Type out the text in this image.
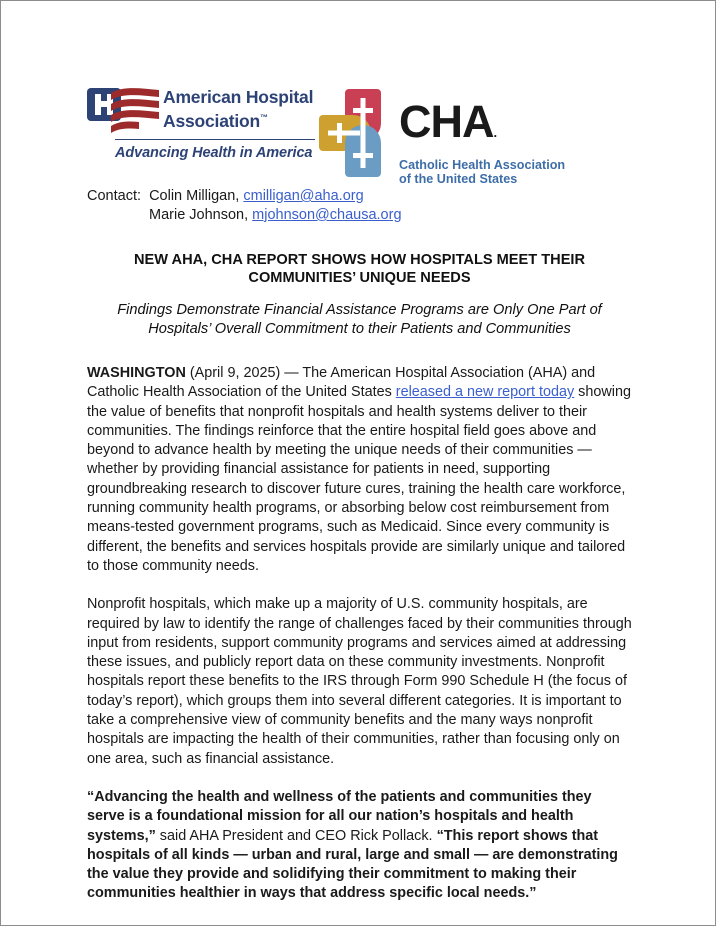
American Hospital
Association™
Advancing Health in America
CHA.
Catholic Health Association
of the United States
Contact: Colin Milligan, cmilligan@aha.org
Marie Johnson, mjohnson@chausa.org
NEW AHA, CHA REPORT SHOWS HOW HOSPITALS MEET THEIR COMMUNITIES’ UNIQUE NEEDS
Findings Demonstrate Financial Assistance Programs are Only One Part of Hospitals’ Overall Commitment to their Patients and Communities

WASHINGTON (April 9, 2025) — The American Hospital Association (AHA) and Catholic Health Association of the United States released a new report today showing the value of benefits that nonprofit hospitals and health systems deliver to their communities. The findings reinforce that the entire hospital field goes above and beyond to advance health by meeting the unique needs of their communities — whether by providing financial assistance for patients in need, supporting groundbreaking research to discover future cures, training the health care workforce, running community health programs, or absorbing below cost reimbursement from means-tested government programs, such as Medicaid. Since every community is different, the benefits and services hospitals provide are similarly unique and tailored to those community needs.

Nonprofit hospitals, which make up a majority of U.S. community hospitals, are required by law to identify the range of challenges faced by their communities through input from residents, support community programs and services aimed at addressing these issues, and publicly report data on these community investments. Nonprofit hospitals report these benefits to the IRS through Form 990 Schedule H (the focus of today’s report), which groups them into several different categories. It is important to take a comprehensive view of community benefits and the many ways nonprofit hospitals are impacting the health of their communities, rather than focusing only on one area, such as financial assistance.

“Advancing the health and wellness of the patients and communities they serve is a foundational mission for all our nation’s hospitals and health systems,” said AHA President and CEO Rick Pollack. “This report shows that hospitals of all kinds — urban and rural, large and small — are demonstrating the value they provide and solidifying their commitment to making their communities healthier in ways that address specific local needs.”
